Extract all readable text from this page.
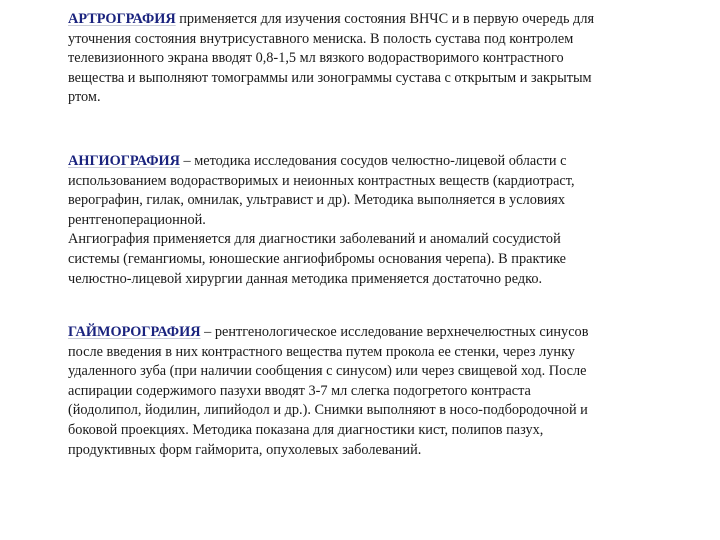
АРТРОГРАФИЯ применяется для изучения состояния ВНЧС и в первую очередь для

уточнения состояния внутрисуставного мениска. В полость сустава под контролем

телевизионного экрана вводят 0,8-1,5 мл вязкого водорастворимого контрастного

вещества и выполняют томограммы или зонограммы сустава с открытым и закрытым

ртом.

АНГИОГРАФИЯ – методика исследования сосудов челюстно-лицевой области с

использованием водорастворимых и неионных контрастных веществ (кардиотраст,

верографин, гилак, омнилак, ультравист и др). Методика выполняется в условиях

рентгеноперационной.

Ангиография применяется для диагностики заболеваний и аномалий сосудистой

системы (гемангиомы, юношеские ангиофибромы основания черепа). В практике

челюстно-лицевой хирургии данная методика применяется достаточно редко.

ГАЙМОРОГРАФИЯ – рентгенологическое исследование верхнечелюстных синусов

после введения в них контрастного вещества путем прокола ее стенки, через лунку

удаленного зуба (при наличии сообщения с синусом) или через свищевой ход. После

аспирации содержимого пазухи вводят 3-7 мл слегка подогретого контраста

(йодолипол, йодилин, липийодол и др.). Снимки выполняют в носо-подбородочной и

боковой проекциях. Методика показана для диагностики кист, полипов пазух,

продуктивных форм гайморита, опухолевых заболеваний.
